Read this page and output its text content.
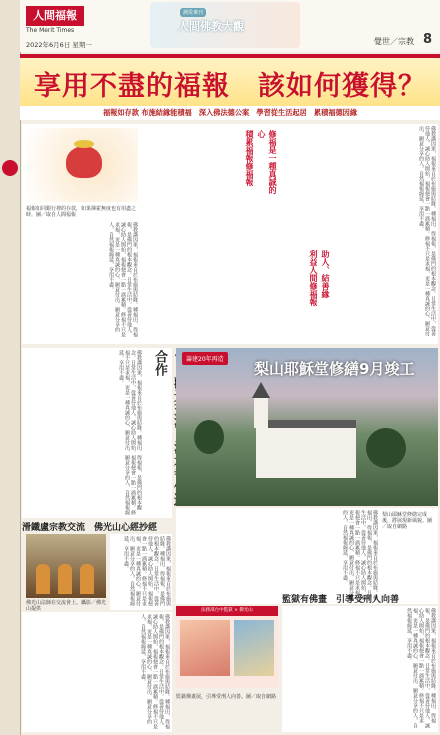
人間福報
The Merit Times
2022年6月6日 星期一
潤愛專刊
人間佛教大觀
覺世／宗教 8
享用不盡的福報　該如何獲得？
福報如存款 布施結緣能積福　深入佛法德公案　學習從生活起居　累積福德因緣
佛教講因果，福報來自於布施與結緣。種福田、得福報，是佛門的根本觀念。日常生活中，從善待他人、誠心助人開始，福報便會一點一滴累積。修福不只是求福，更是一種真誠的心，願意付出、願意分享的人，自然福報綿延，享用不盡。
福報如同銀行裡的存款，如果揮霍無度也有用盡之時。圖／取自人間福報
佛教講因果，福報來自於布施與結緣。種福田、得福報，是佛門的根本觀念。日常生活中，從善待他人、誠心助人開始，福報便會一點一滴累積。修福不只是求福，更是一種真誠的心，願意付出、願意分享的人，自然福報綿延，享用不盡。
修福是一種真誠的心
積累福報修福報
助人、結善緣
利益人間修福報
佛教講因果，福報來自於布施與結緣。種福田、得福報，是佛門的根本觀念。日常生活中，從善待他人、誠心助人開始，福報便會一點一滴累積。修福不只是求福，更是一種真誠的心，願意付出、願意分享的人，自然福報綿延，享用不盡。	　合作
籌建20年再造
梨山耶穌堂修繕9月竣工
佛教講因果，福報來自於布施與結緣。種福田、得福報，是佛門的根本觀念。日常生活中，從善待他人、誠心助人開始，福報便會一點一滴累積。修福不只是求福，更是一種真誠的心，願意付出、願意分享的人，自然福報綿延，享用不盡。	梨山耶穌堂修繕完成後，將展現新風貌。圖／取自網路
滑鐵盧宗教交流　佛光山心經抄經
佛光山法師在交流會上。攝影／佛光山提供
佛教講因果，福報來自於布施與結緣。種福田、得福報，是佛門的根本觀念。日常生活中，從善待他人、誠心助人開始，福報便會一點一滴累積。修福不只是求福，更是一種真誠的心，願意付出、願意分享的人，自然福報綿延，享用不盡。
佛教講因果，福報來自於布施與結緣。種福田、得福報，是佛門的根本觀念。日常生活中，從善待他人、誠心助人開始，福報便會一點一滴累積。修福不只是求福，更是一種真誠的心，願意付出、願意分享的人，自然福報綿延，享用不盡。
監獄有佛畫　引導受刑人向善
法務部台中監獄 × 佛光山
監獄佛畫展，引導受刑人向善。圖／取自網路	佛教講因果，福報來自於布施與結緣。種福田、得福報，是佛門的根本觀念。日常生活中，從善待他人、誠心助人開始，福報便會一點一滴累積。修福不只是求福，更是一種真誠的心，願意付出、願意分享的人，自然福報綿延，享用不盡。
